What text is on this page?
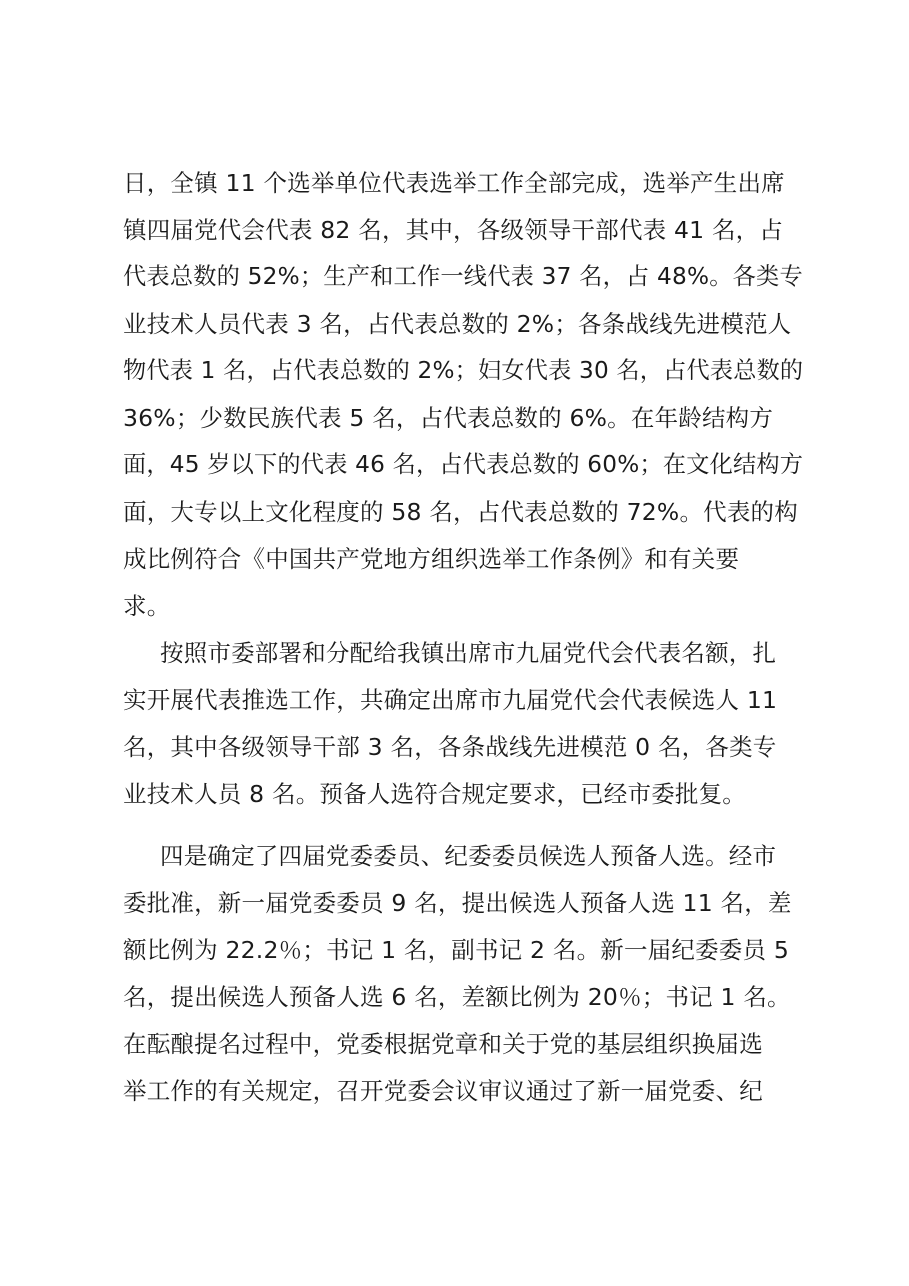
日，全镇 11 个选举单位代表选举工作全部完成，选举产生出席
镇四届党代会代表 82 名，其中，各级领导干部代表 41 名，占
代表总数的 52%；生产和工作一线代表 37 名，占 48%。各类专
业技术人员代表 3 名，占代表总数的 2%；各条战线先进模范人
物代表 1 名，占代表总数的 2%；妇女代表 30 名，占代表总数的
36%；少数民族代表 5 名，占代表总数的 6%。在年龄结构方
面，45 岁以下的代表 46 名，占代表总数的 60%；在文化结构方
面，大专以上文化程度的 58 名，占代表总数的 72%。代表的构
成比例符合《中国共产党地方组织选举工作条例》和有关要
求。
按照市委部署和分配给我镇出席市九届党代会代表名额，扎
实开展代表推选工作，共确定出席市九届党代会代表候选人 11
名，其中各级领导干部 3 名，各条战线先进模范 0 名，各类专
业技术人员 8 名。预备人选符合规定要求，已经市委批复。
四是确定了四届党委委员、纪委委员候选人预备人选。经市
委批准，新一届党委委员 9 名，提出候选人预备人选 11 名，差
额比例为 22.2％；书记 1 名，副书记 2 名。新一届纪委委员 5
名，提出候选人预备人选 6 名，差额比例为 20％；书记 1 名。
在酝酿提名过程中，党委根据党章和关于党的基层组织换届选
举工作的有关规定，召开党委会议审议通过了新一届党委、纪
